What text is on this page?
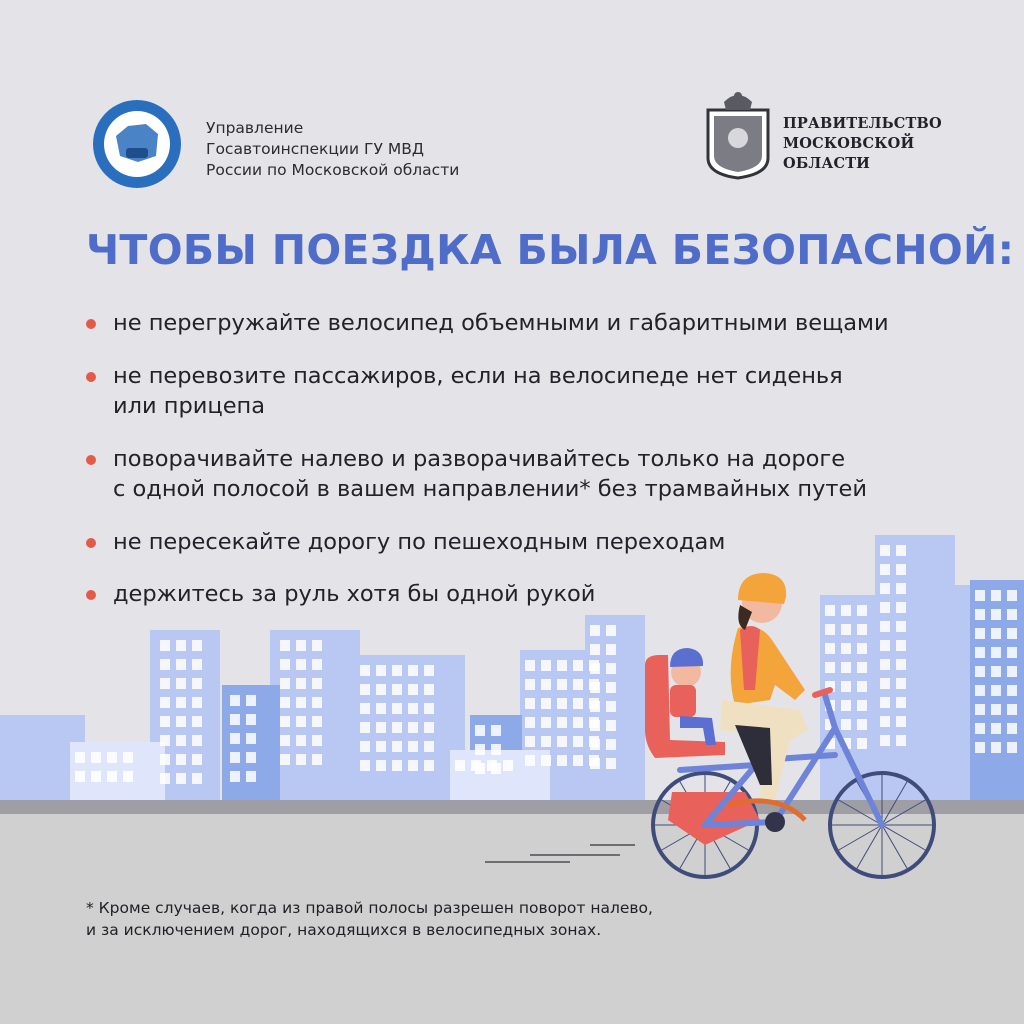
Управление
Госавтоинспекции ГУ МВД
России по Московской области
ПРАВИТЕЛЬСТВО
МОСКОВСКОЙ
ОБЛАСТИ
ЧТОБЫ ПОЕЗДКА БЫЛА БЕЗОПАСНОЙ:
не перегружайте велосипед объемными и габаритными вещами
не перевозите пассажиров, если на велосипеде нет сиденья
или прицепа
поворачивайте налево и разворачивайтесь только на дороге
с одной полосой в вашем направлении* без трамвайных путей
не пересекайте дорогу по пешеходным переходам
держитесь за руль хотя бы одной рукой
* Кроме случаев, когда из правой полосы разрешен поворот налево,
и за исключением дорог, находящихся в велосипедных зонах.
